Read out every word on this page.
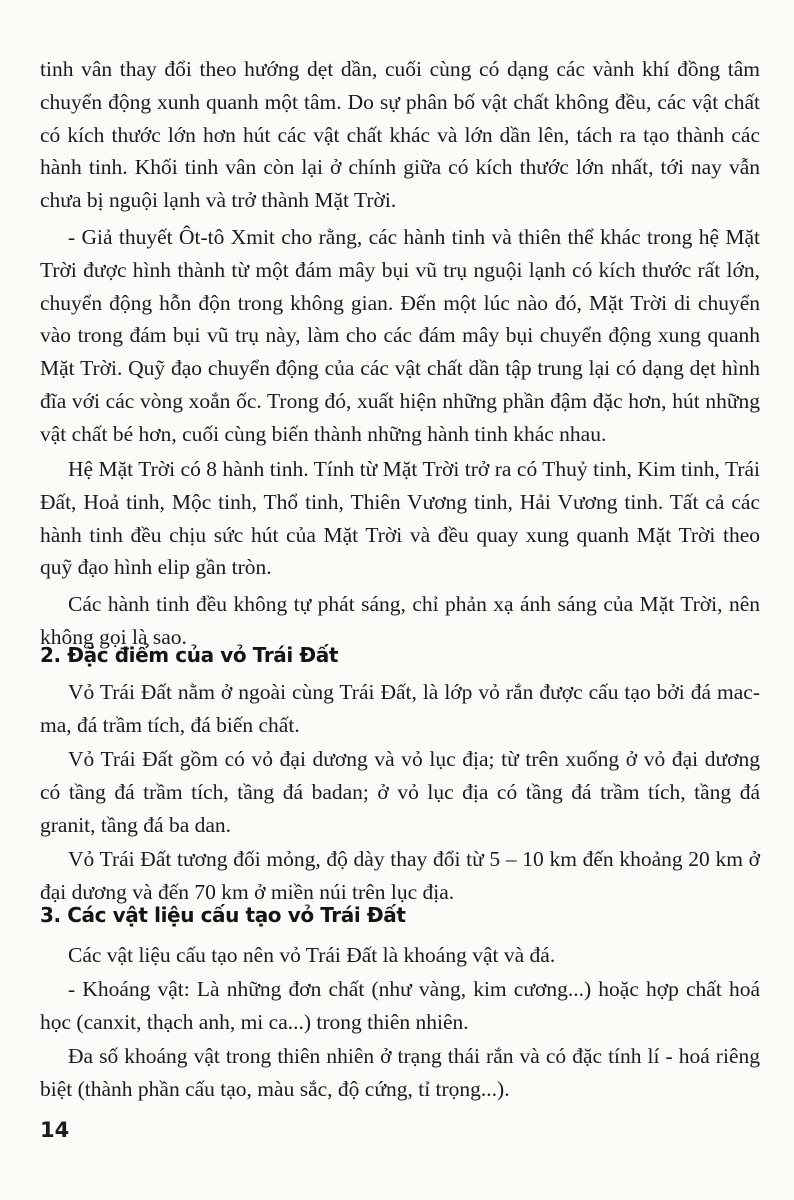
tinh vân thay đổi theo hướng dẹt dần, cuối cùng có dạng các vành khí đồng tâm chuyển động xunh quanh một tâm. Do sự phân bố vật chất không đều, các vật chất có kích thước lớn hơn hút các vật chất khác và lớn dần lên, tách ra tạo thành các hành tinh. Khối tinh vân còn lại ở chính giữa có kích thước lớn nhất, tới nay vẫn chưa bị nguội lạnh và trở thành Mặt Trời.

- Giả thuyết Ôt-tô Xmit cho rằng, các hành tinh và thiên thể khác trong hệ Mặt Trời được hình thành từ một đám mây bụi vũ trụ nguội lạnh có kích thước rất lớn, chuyển động hỗn độn trong không gian. Đến một lúc nào đó, Mặt Trời di chuyển vào trong đám bụi vũ trụ này, làm cho các đám mây bụi chuyển động xung quanh Mặt Trời. Quỹ đạo chuyển động của các vật chất dần tập trung lại có dạng dẹt hình đĩa với các vòng xoắn ốc. Trong đó, xuất hiện những phần đậm đặc hơn, hút những vật chất bé hơn, cuối cùng biến thành những hành tinh khác nhau.

Hệ Mặt Trời có 8 hành tinh. Tính từ Mặt Trời trở ra có Thuỷ tinh, Kim tinh, Trái Đất, Hoả tinh, Mộc tinh, Thổ tinh, Thiên Vương tinh, Hải Vương tinh. Tất cả các hành tinh đều chịu sức hút của Mặt Trời và đều quay xung quanh Mặt Trời theo quỹ đạo hình elip gần tròn.

Các hành tinh đều không tự phát sáng, chỉ phản xạ ánh sáng của Mặt Trời, nên không gọi là sao.

2. Đặc điểm của vỏ Trái Đất

Vỏ Trái Đất nằm ở ngoài cùng Trái Đất, là lớp vỏ rắn được cấu tạo bởi đá mac-ma, đá trầm tích, đá biến chất.

Vỏ Trái Đất gồm có vỏ đại dương và vỏ lục địa; từ trên xuống ở vỏ đại dương có tầng đá trầm tích, tầng đá badan; ở vỏ lục địa có tầng đá trầm tích, tầng đá granit, tầng đá ba dan.

Vỏ Trái Đất tương đối mỏng, độ dày thay đổi từ 5 – 10 km đến khoảng 20 km ở đại dương và đến 70 km ở miền núi trên lục địa.

3. Các vật liệu cấu tạo vỏ Trái Đất

Các vật liệu cấu tạo nên vỏ Trái Đất là khoáng vật và đá.

- Khoáng vật: Là những đơn chất (như vàng, kim cương...) hoặc hợp chất hoá học (canxit, thạch anh, mi ca...) trong thiên nhiên.

Đa số khoáng vật trong thiên nhiên ở trạng thái rắn và có đặc tính lí - hoá riêng biệt (thành phần cấu tạo, màu sắc, độ cứng, tỉ trọng...).

14
